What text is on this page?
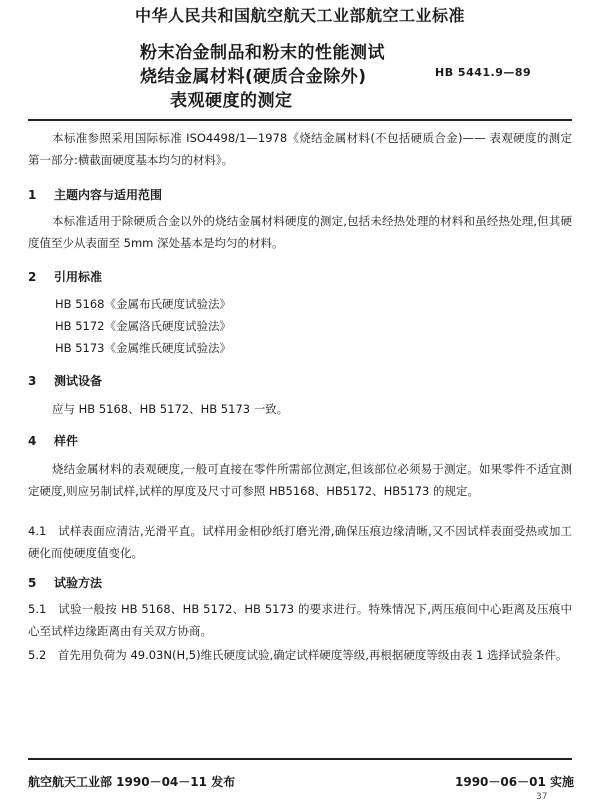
中华人民共和国航空航天工业部航空工业标准
粉末冶金制品和粉末的性能测试
烧结金属材料(硬质合金除外)
表观硬度的测定
HB 5441.9—89
本标准参照采用国际标准 ISO4498/1—1978《烧结金属材料(不包括硬质合金)—— 表观硬度的测定　第一部分:横截面硬度基本均匀的材料》。
1 主题内容与适用范围
本标准适用于除硬质合金以外的烧结金属材料硬度的测定,包括未经热处理的材料和虽经热处理,但其硬度值至少从表面至 5mm 深处基本是均匀的材料。
2 引用标准
HB 5168《金属布氏硬度试验法》
HB 5172《金属洛氏硬度试验法》
HB 5173《金属维氏硬度试验法》
3 测试设备
应与 HB 5168、HB 5172、HB 5173 一致。
4 样件
烧结金属材料的表观硬度,一般可直接在零件所需部位测定,但该部位必须易于测定。如果零件不适宜测定硬度,则应另制试样,试样的厚度及尺寸可参照 HB5168、HB5172、HB5173 的规定。
4.1　试样表面应清洁,光滑平直。试样用金相砂纸打磨光滑,确保压痕边缘清晰,又不因试样表面受热或加工硬化而使硬度值变化。
5 试验方法
5.1　试验一般按 HB 5168、HB 5172、HB 5173 的要求进行。特殊情况下,两压痕间中心距离及压痕中心至试样边缘距离由有关双方协商。
5.2　首先用负荷为 49.03N(H,5)维氏硬度试验,确定试样硬度等级,再根据硬度等级由表 1 选择试验条件。
航空航天工业部 1990－04－11 发布	1990－06－01 实施
37
